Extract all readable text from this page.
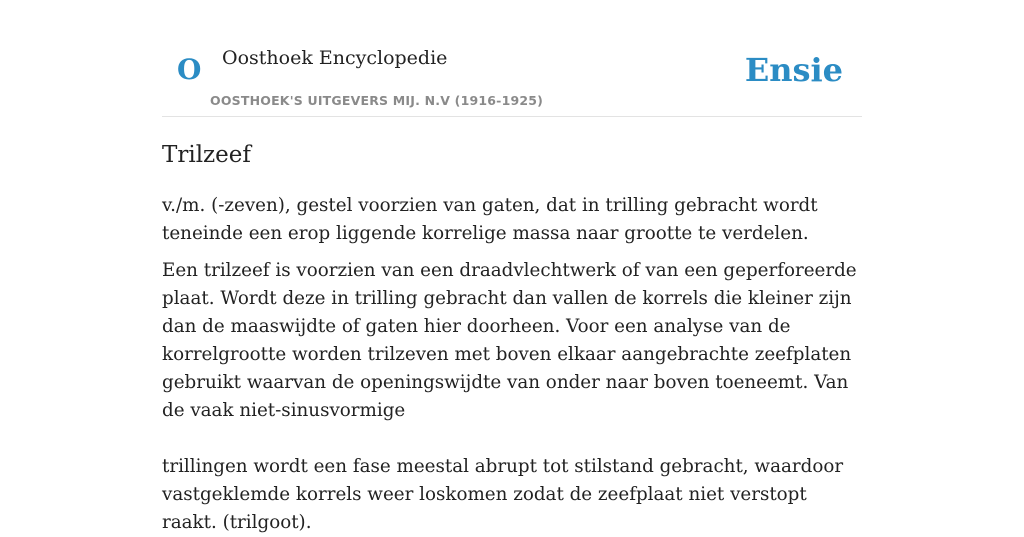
O Oosthoek Encyclopedie
OOSTHOEK'S UITGEVERS MIJ. N.V (1916-1925)
Ensie
Trilzeef

v./m. (-zeven), gestel voorzien van gaten, dat in trilling gebracht wordt teneinde een erop liggende korrelige massa naar grootte te verdelen.

Een trilzeef is voorzien van een draadvlechtwerk of van een geperforeerde plaat. Wordt deze in trilling gebracht dan vallen de korrels die kleiner zijn dan de maaswijdte of gaten hier doorheen. Voor een analyse van de korrelgrootte worden trilzeven met boven elkaar aangebrachte zeefplaten gebruikt waarvan de openingswijdte van onder naar boven toeneemt. Van de vaak niet-sinusvormige

trillingen wordt een fase meestal abrupt tot stilstand gebracht, waardoor vastgeklemde korrels weer loskomen zodat de zeefplaat niet verstopt raakt. (trilgoot).
